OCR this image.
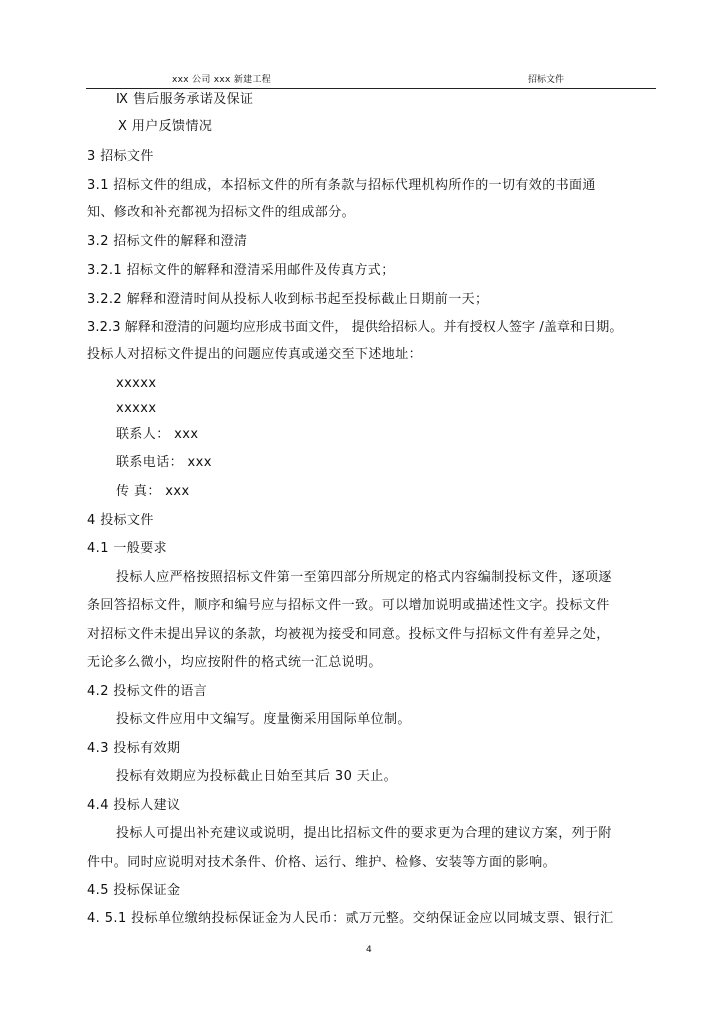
xxx 公司 xxx 新建工程	招标文件
Ⅸ 售后服务承诺及保证
Ⅹ 用户反馈情况
3 招标文件
3.1 招标文件的组成，本招标文件的所有条款与招标代理机构所作的一切有效的书面通
知、修改和补充都视为招标文件的组成部分。
3.2 招标文件的解释和澄清
3.2.1 招标文件的解释和澄清采用邮件及传真方式；
3.2.2 解释和澄清时间从投标人收到标书起至投标截止日期前一天；
3.2.3 解释和澄清的问题均应形成书面文件， 提供给招标人。并有授权人签字 /盖章和日期。
投标人对招标文件提出的问题应传真或递交至下述地址：
xxxxx
xxxxx
联系人： xxx
联系电话： xxx
传 真： xxx
4 投标文件
4.1 一般要求
投标人应严格按照招标文件第一至第四部分所规定的格式内容编制投标文件，逐项逐
条回答招标文件，顺序和编号应与招标文件一致。可以增加说明或描述性文字。投标文件
对招标文件未提出异议的条款，均被视为接受和同意。投标文件与招标文件有差异之处，
无论多么微小，均应按附件的格式统一汇总说明。
4.2 投标文件的语言
投标文件应用中文编写。度量衡采用国际单位制。
4.3 投标有效期
投标有效期应为投标截止日始至其后 30 天止。
4.4 投标人建议
投标人可提出补充建议或说明，提出比招标文件的要求更为合理的建议方案，列于附
件中。同时应说明对技术条件、价格、运行、维护、检修、安装等方面的影响。
4.5 投标保证金
4. 5.1 投标单位缴纳投标保证金为人民币：贰万元整。交纳保证金应以同城支票、银行汇
4
